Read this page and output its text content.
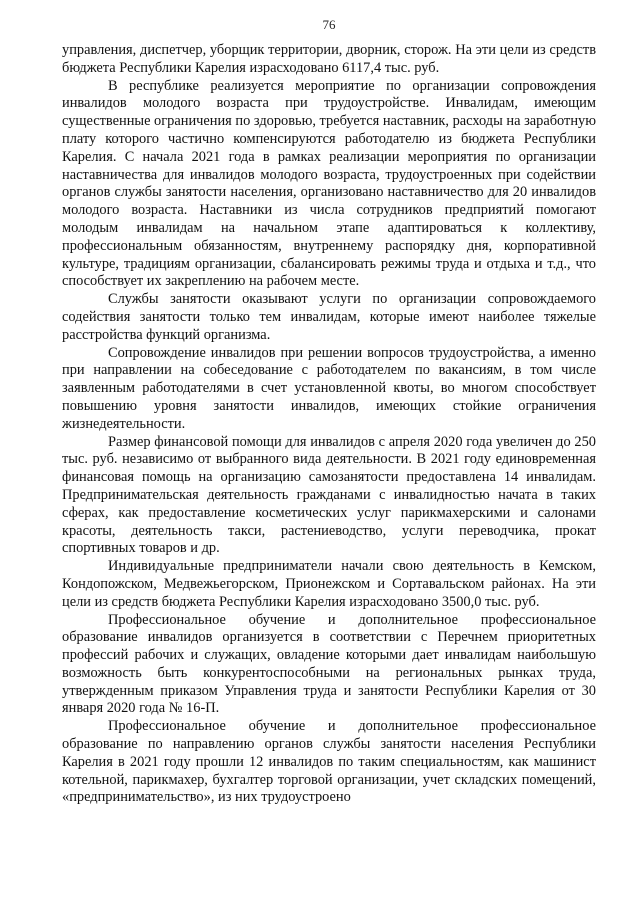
76

управления, диспетчер, уборщик территории, дворник, сторож. На эти цели из средств бюджета Республики Карелия израсходовано 6117,4 тыс. руб.

В республике реализуется мероприятие по организации сопровождения инвалидов молодого возраста при трудоустройстве. Инвалидам, имеющим существенные ограничения по здоровью, требуется наставник, расходы на заработную плату которого частично компенсируются работодателю из бюджета Республики Карелия. С начала 2021 года в рамках реализации мероприятия по организации наставничества для инвалидов молодого возраста, трудоустроенных при содействии органов службы занятости населения, организовано наставничество для 20 инвалидов молодого возраста. Наставники из числа сотрудников предприятий помогают молодым инвалидам на начальном этапе адаптироваться к коллективу, профессиональным обязанностям, внутреннему распорядку дня, корпоративной культуре, традициям организации, сбалансировать режимы труда и отдыха и т.д., что способствует их закреплению на рабочем месте.

Службы занятости оказывают услуги по организации сопровождаемого содействия занятости только тем инвалидам, которые имеют наиболее тяжелые расстройства функций организма.

Сопровождение инвалидов при решении вопросов трудоустройства, а именно при направлении на собеседование с работодателем по вакансиям, в том числе заявленным работодателями в счет установленной квоты, во многом способствует повышению уровня занятости инвалидов, имеющих стойкие ограничения жизнедеятельности.

Размер финансовой помощи для инвалидов с апреля 2020 года увеличен до 250 тыс. руб. независимо от выбранного вида деятельности. В 2021 году единовременная финансовая помощь на организацию самозанятости предоставлена 14 инвалидам. Предпринимательская деятельность гражданами с инвалидностью начата в таких сферах, как предоставление косметических услуг парикмахерскими и салонами красоты, деятельность такси, растениеводство, услуги переводчика, прокат спортивных товаров и др.

Индивидуальные предприниматели начали свою деятельность в Кемском, Кондопожском, Медвежьегорском, Прионежском и Сортавальском районах. На эти цели из средств бюджета Республики Карелия израсходовано 3500,0 тыс. руб.

Профессиональное обучение и дополнительное профессиональное образование инвалидов организуется в соответствии с Перечнем приоритетных профессий рабочих и служащих, овладение которыми дает инвалидам наибольшую возможность быть конкурентоспособными на региональных рынках труда, утвержденным приказом Управления труда и занятости Республики Карелия от 30 января 2020 года № 16-П.

Профессиональное обучение и дополнительное профессиональное образование по направлению органов службы занятости населения Республики Карелия в 2021 году прошли 12 инвалидов по таким специальностям, как машинист котельной, парикмахер, бухгалтер торговой организации, учет складских помещений, «предпринимательство», из них трудоустроено
